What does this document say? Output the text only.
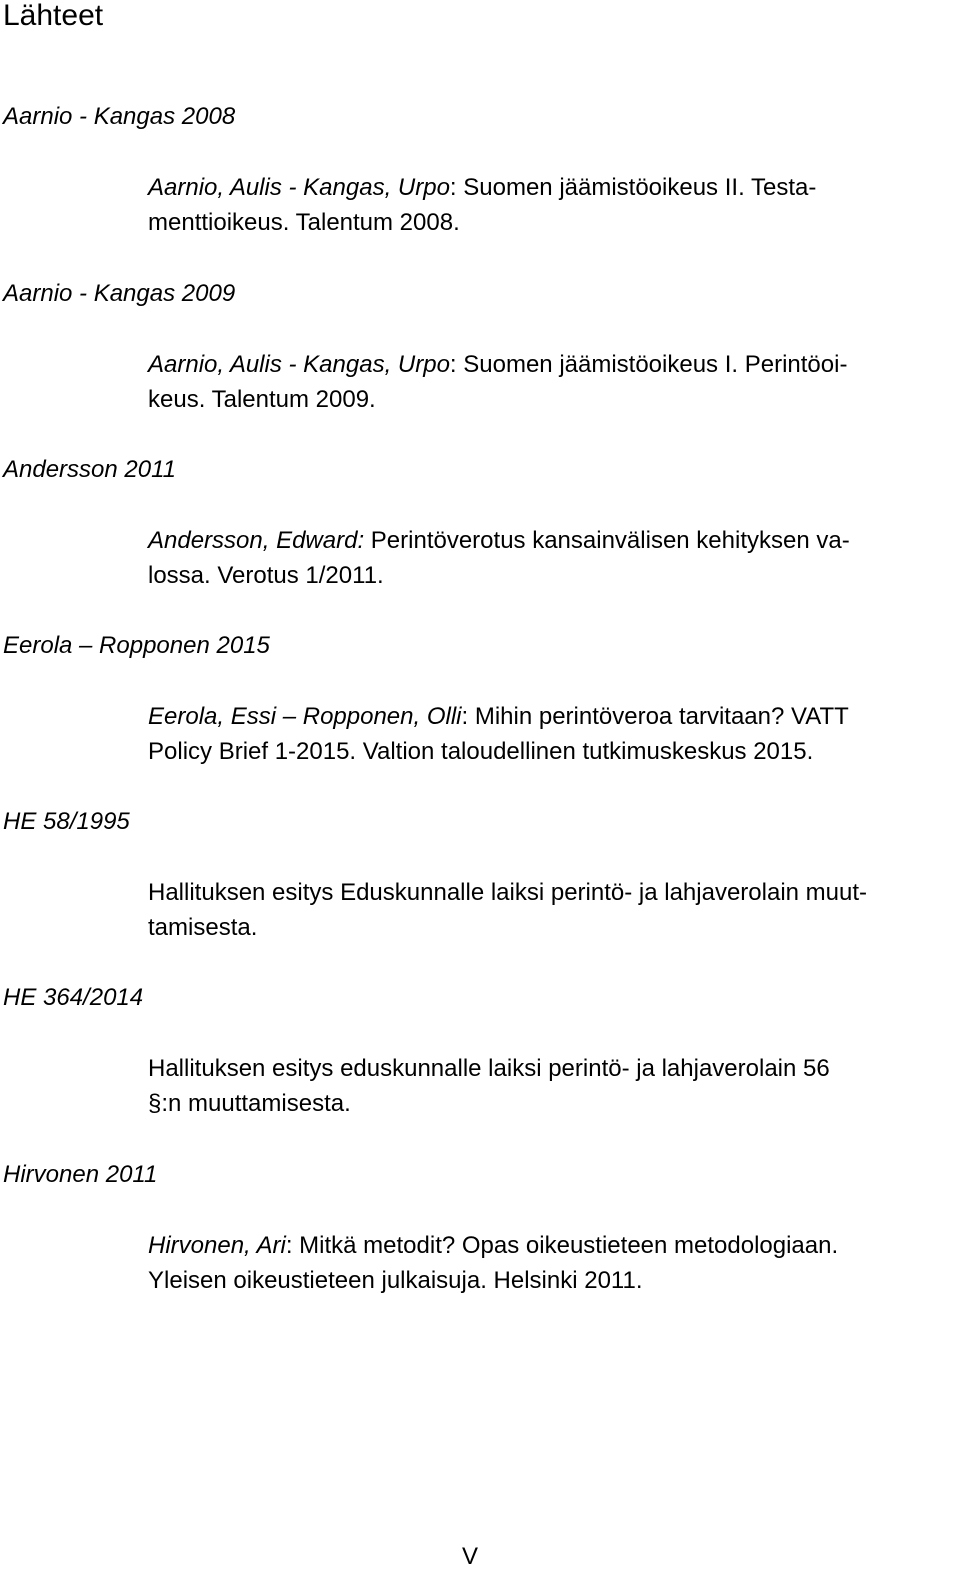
Lähteet
Aarnio - Kangas 2008
Aarnio, Aulis - Kangas, Urpo: Suomen jäämistöoikeus II. Testa-
menttioikeus. Talentum 2008.
Aarnio - Kangas 2009
Aarnio, Aulis - Kangas, Urpo: Suomen jäämistöoikeus I. Perintöoi-
keus. Talentum 2009.
Andersson 2011
Andersson, Edward: Perintöverotus kansainvälisen kehityksen va-
lossa. Verotus 1/2011.
Eerola – Ropponen 2015
Eerola, Essi – Ropponen, Olli: Mihin perintöveroa tarvitaan? VATT
Policy Brief 1-2015. Valtion taloudellinen tutkimuskeskus 2015.
HE 58/1995
Hallituksen esitys Eduskunnalle laiksi perintö- ja lahjaverolain muut-
tamisesta.
HE 364/2014
Hallituksen esitys eduskunnalle laiksi perintö- ja lahjaverolain 56
§:n muuttamisesta.
Hirvonen 2011
Hirvonen, Ari: Mitkä metodit? Opas oikeustieteen metodologiaan.
Yleisen oikeustieteen julkaisuja. Helsinki 2011.
V
